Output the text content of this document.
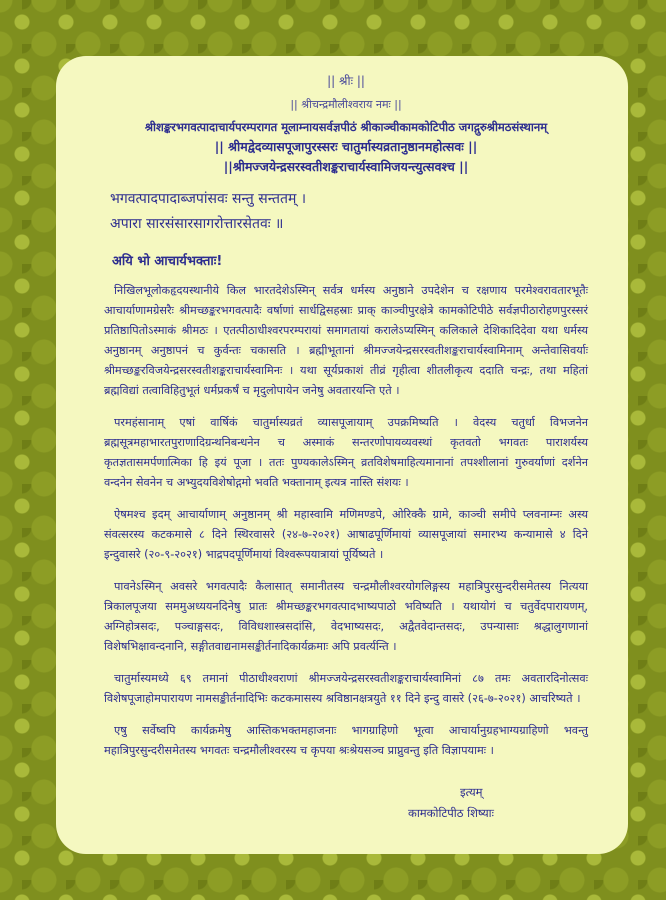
|| श्रीः ||
|| श्रीचन्द्रमौलीश्वराय नमः ||
श्रीशङ्करभगवत्पादाचार्यपरम्परागत मूलाम्नायसर्वज्ञपीठं श्रीकाञ्चीकामकोटिपीठ जगद्गुरुश्रीमठसंस्थानम्
|| श्रीमद्वेदव्यासपूजापुरस्सरः चातुर्मास्यव्रतानुष्ठानमहोत्सवः ||
||श्रीमज्जयेन्द्रसरस्वतीशङ्कराचार्यस्वामिजयन्त्युत्सवश्च ||
भगवत्पादपादाब्जपांसवः सन्तु सन्ततम् ।
अपारा सारसंसारसागरोत्तारसेतवः ॥
अयि भो आचार्यभक्ताः!
निखिलभूलोकहृदयस्थानीये किल भारतदेशेऽस्मिन् सर्वत्र धर्मस्य अनुष्ठाने उपदेशेन च रक्षणाय परमेश्वरावतारभूतैः आचार्याणामग्रेसरैः श्रीमच्छङ्करभगवत्पादैः वर्षाणां सार्धद्विसहस्राः प्राक् काञ्चीपुरक्षेत्रे कामकोटिपीठे सर्वज्ञपीठारोहणपुरस्सरं प्रतिष्ठापितोऽस्माकं श्रीमठः । एतत्पीठाधीश्वरपरम्परायां समागतायां करालेऽप्यस्मिन् कलिकाले देशिकादिदेवा यथा धर्मस्य अनुष्ठानम् अनुष्ठापनं च कुर्वन्तः चकासति । ब्रह्मीभूतानां श्रीमज्जयेन्द्रसरस्वतीशङ्कराचार्यस्वामिनाम् अन्तेवासिवर्याः श्रीमच्छङ्करविजयेन्द्रसरस्वतीशङ्कराचार्यस्वामिनः । यथा सूर्यप्रकाशं तीव्रं गृहीत्वा शीतलीकृत्य ददाति चन्द्रः, तथा महितां ब्रह्मविद्यां तत्वाविहितुभूतं धर्मप्रकर्षं च मृदुलोपायेन जनेषु अवतारयन्ति एते ।
परमहंसानाम् एषां वार्षिकं चातुर्मास्यव्रतं व्यासपूजायाम् उपक्रमिष्यति । वेदस्य चतुर्धा विभजनेन ब्रह्मसूत्रमहाभारतपुराणादिग्रन्थनिबन्धनेन च अस्माकं सन्तरणोपायव्यवस्थां कृतवतो भगवतः पाराशर्यस्य कृतज्ञतासमर्पणात्मिका हि इयं पूजा । ततः पुण्यकालेऽस्मिन् व्रतविशेषमाहित्यमानानां तपश्शीलानां गुरुवर्याणां दर्शनेन वन्दनेन सेवनेन च अभ्युदयविशेषोद्गमो भवति भक्तानाम् इत्यत्र नास्ति संशयः ।
ऐषमश्च इदम् आचार्याणाम् अनुष्ठानम् श्री महास्वामि मणिमण्डपे, ओरिक्कै ग्रामे, काञ्ची समीपे प्लवनाम्नः अस्य संवत्सरस्य कटकमासे ८ दिने स्थिरवासरे (२४-७-२०२१) आषाढपूर्णिमायां व्यासपूजायां समारभ्य कन्यामासे ४ दिने इन्दुवासरे (२०-९-२०२१) भाद्रपदपूर्णिमायां विश्वरूपयात्रायां पूर्यिष्यते ।
पावनेऽस्मिन् अवसरे भगवत्पादैः कैलासात् समानीतस्य चन्द्रमौलीश्वरयोगलिङ्गस्य महात्रिपुरसुन्दरीसमेतस्य नित्यया त्रिकालपूजया सममुअध्ययनदिनेषु प्रातः श्रीमच्छङ्करभगवत्पादभाष्यपाठो भविष्यति । यथायोगं च चतुर्वेदपारायणम्, अग्निहोत्रसदः, पञ्चाङ्गसदः, विविधशास्त्रसदांसि, वेदभाष्यसदः, अद्वैतवेदान्तसदः, उपन्यासाः श्रद्धालुगणानां विशेषभिक्षावन्दनानि, सङ्गीतवाद्यनामसङ्कीर्तनादिकार्यक्रमाः अपि प्रवर्त्यन्ति ।
चातुर्मास्यमध्ये ६९ तमानां पीठाधीश्वराणां श्रीमज्जयेन्द्रसरस्वतीशङ्कराचार्यस्वामिनां ८७ तमः अवतारदिनोत्सवः विशेषपूजाहोमपारायण नामसङ्कीर्तनादिभिः कटकमासस्य श्रविष्ठानक्षत्रयुते ११ दिने इन्दु वासरे (२६-७-२०२१) आचरिष्यते ।
एषु सर्वेष्वपि कार्यक्रमेषु आस्तिकभक्तमहाजनाः भागग्राहिणो भूत्वा आचार्यानुग्रहभाग्यग्राहिणो भवन्तु महात्रिपुरसुन्दरीसमेतस्य भगवतः चन्द्रमौलीश्वरस्य च कृपया श्रःश्रेयसञ्च प्राप्नुवन्तु इति विज्ञापयामः ।
इत्यम्
कामकोटिपीठ शिष्याः
